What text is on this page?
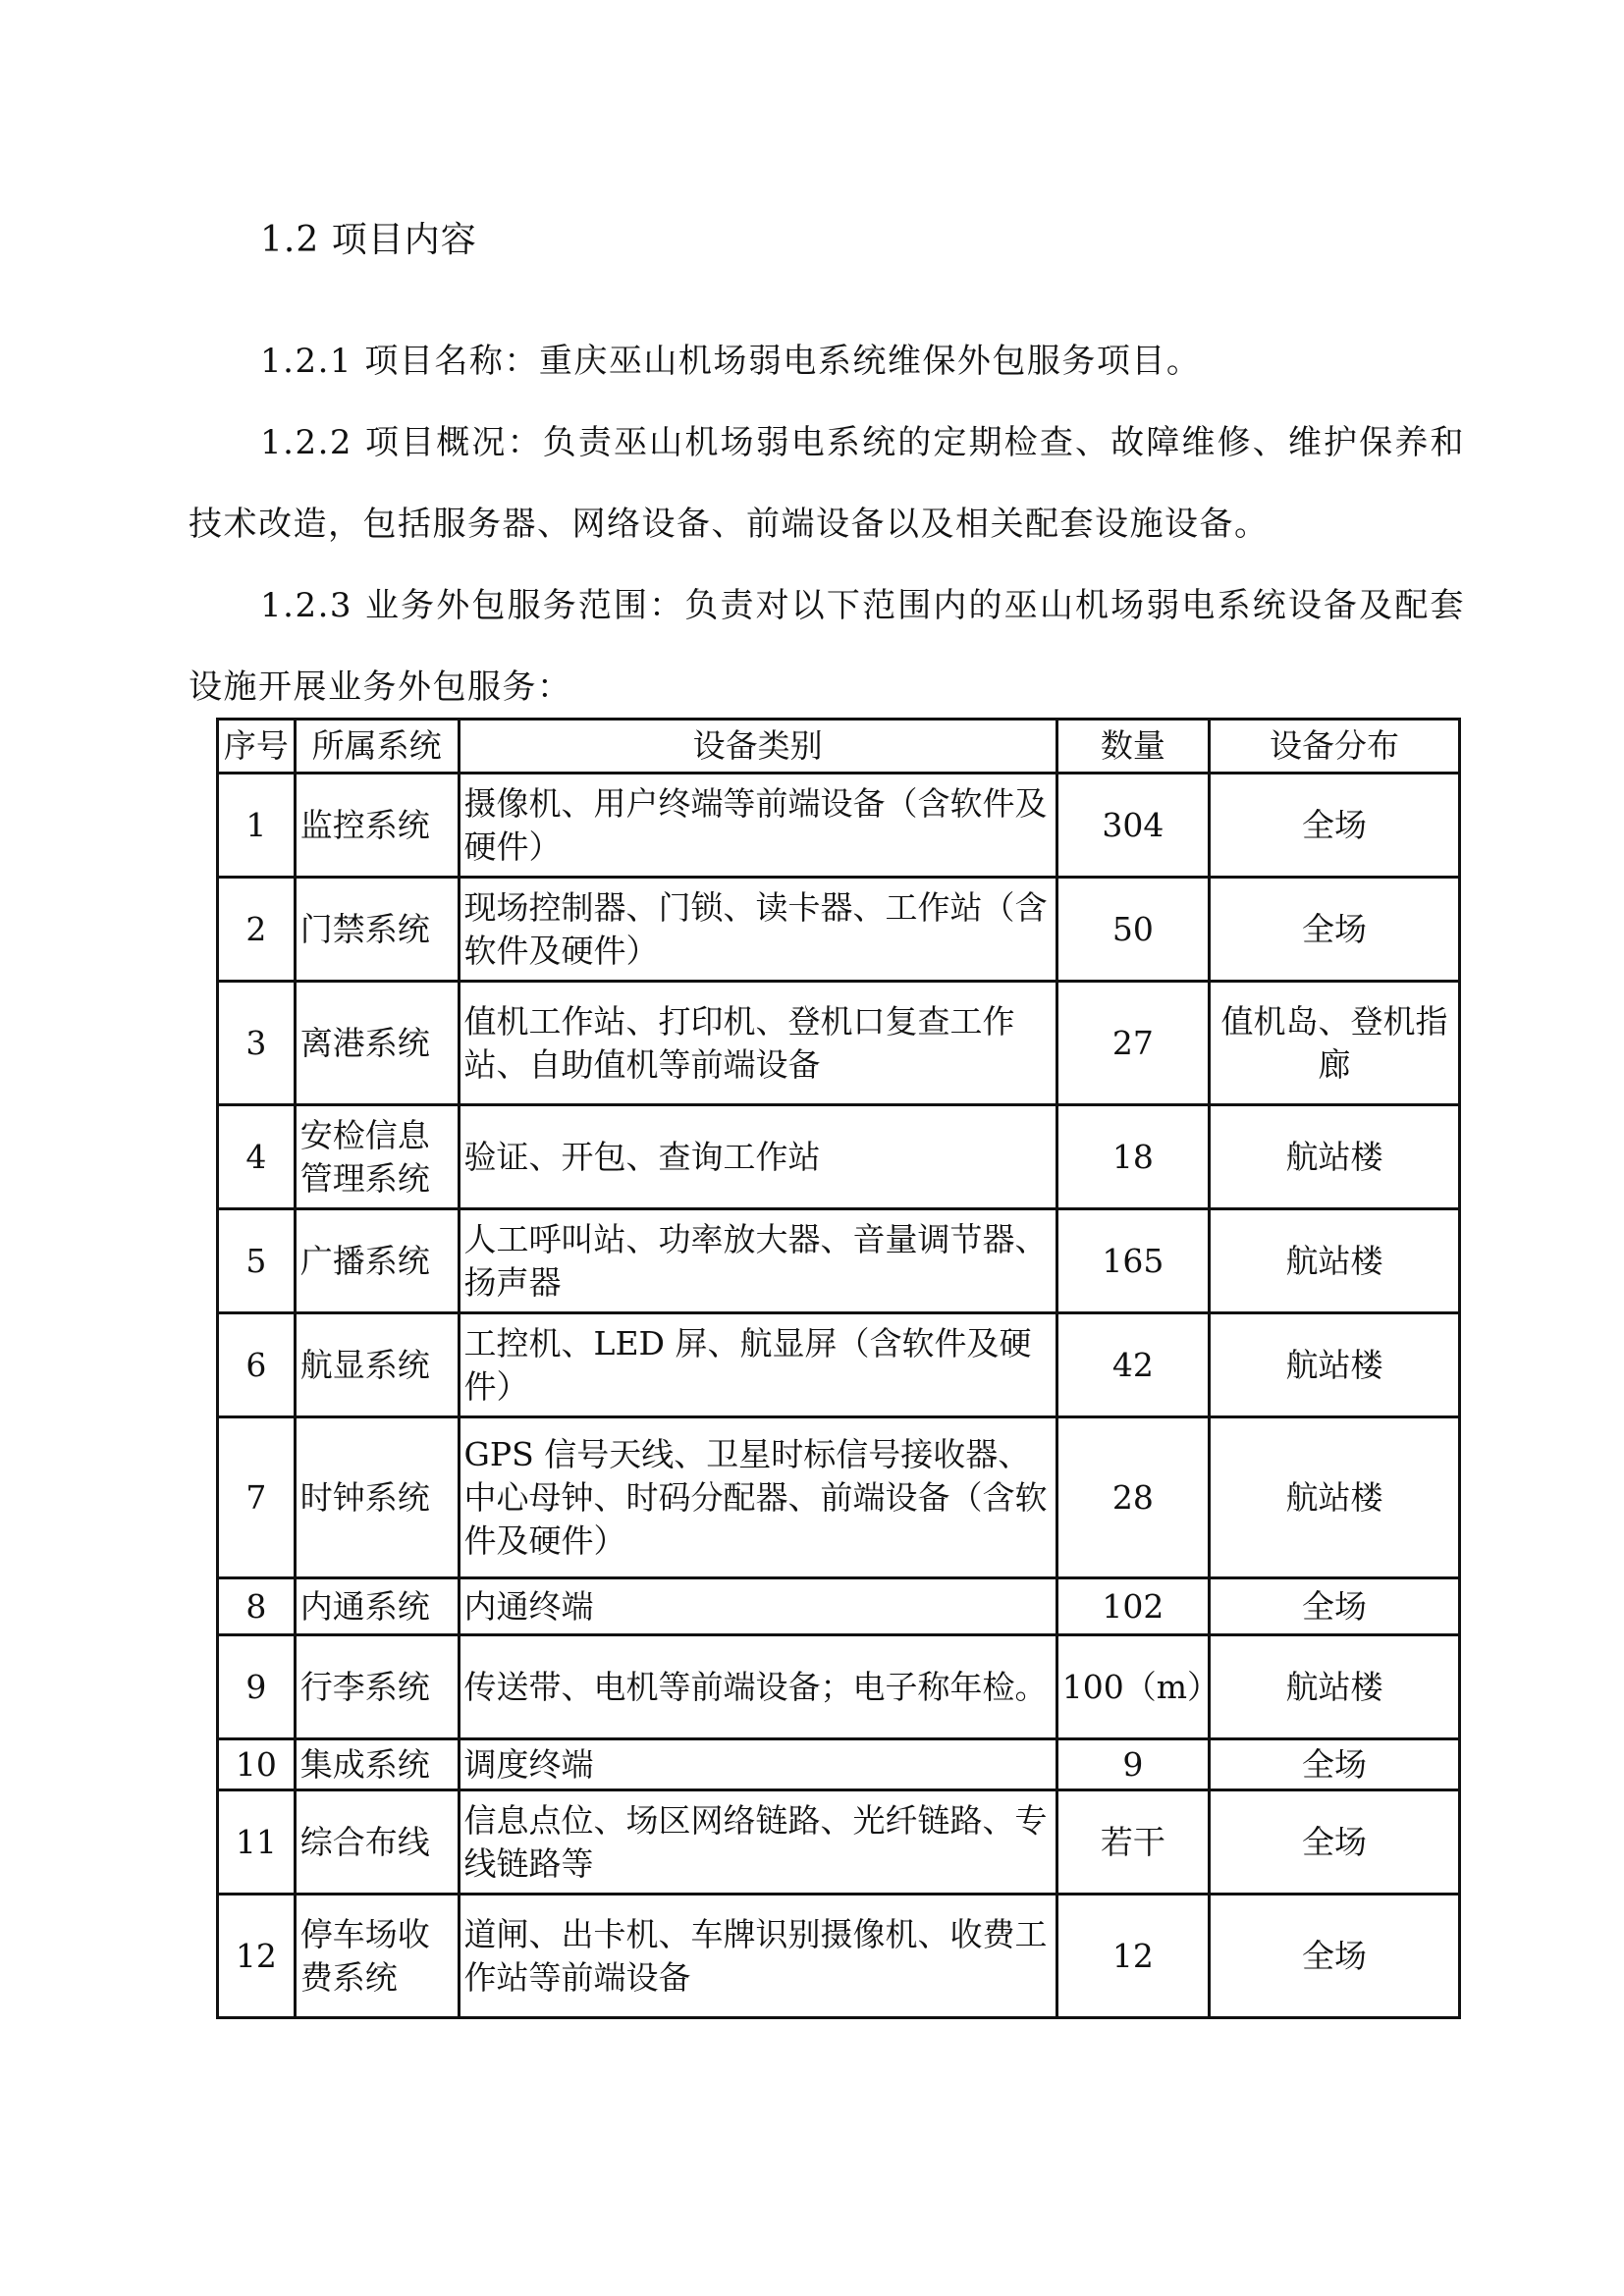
1.2 项目内容

1.2.1 项目名称：重庆巫山机场弱电系统维保外包服务项目。

1.2.2 项目概况：负责巫山机场弱电系统的定期检查、故障维修、维护保养和技术改造，包括服务器、网络设备、前端设备以及相关配套设施设备。

1.2.3 业务外包服务范围：负责对以下范围内的巫山机场弱电系统设备及配套设施开展业务外包服务：

序号	所属系统	设备类别	数量	设备分布
1	监控系统	摄像机、用户终端等前端设备（含软件及硬件）	304	全场
2	门禁系统	现场控制器、门锁、读卡器、工作站（含软件及硬件）	50	全场
3	离港系统	值机工作站、打印机、登机口复查工作站、自助值机等前端设备	27	值机岛、登机指廊
4	安检信息管理系统	验证、开包、查询工作站	18	航站楼
5	广播系统	人工呼叫站、功率放大器、音量调节器、扬声器	165	航站楼
6	航显系统	工控机、LED 屏、航显屏（含软件及硬件）	42	航站楼
7	时钟系统	GPS 信号天线、卫星时标信号接收器、中心母钟、时码分配器、前端设备（含软件及硬件）	28	航站楼
8	内通系统	内通终端	102	全场
9	行李系统	传送带、电机等前端设备；电子称年检。	100（m）	航站楼
10	集成系统	调度终端	9	全场
11	综合布线	信息点位、场区网络链路、光纤链路、专线链路等	若干	全场
12	停车场收费系统	道闸、出卡机、车牌识别摄像机、收费工作站等前端设备	12	全场
